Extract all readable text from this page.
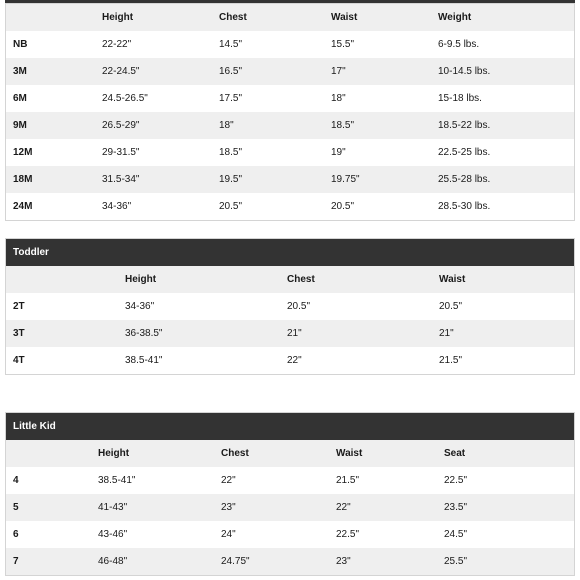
	Height	Chest	Waist	Weight
NB	22-22"	14.5"	15.5"	6-9.5 lbs.
3M	22-24.5"	16.5"	17"	10-14.5 lbs.
6M	24.5-26.5"	17.5"	18"	15-18 lbs.
9M	26.5-29"	18"	18.5"	18.5-22 lbs.
12M	29-31.5"	18.5"	19"	22.5-25 lbs.
18M	31.5-34"	19.5"	19.75"	25.5-28 lbs.
24M	34-36"	20.5"	20.5"	28.5-30 lbs.
Toddler
	Height	Chest	Waist
2T	34-36"	20.5"	20.5"
3T	36-38.5"	21"	21"
4T	38.5-41"	22"	21.5"
Little Kid
	Height	Chest	Waist	Seat
4	38.5-41"	22"	21.5"	22.5"
5	41-43"	23"	22"	23.5"
6	43-46"	24"	22.5"	24.5"
7	46-48"	24.75"	23"	25.5"
